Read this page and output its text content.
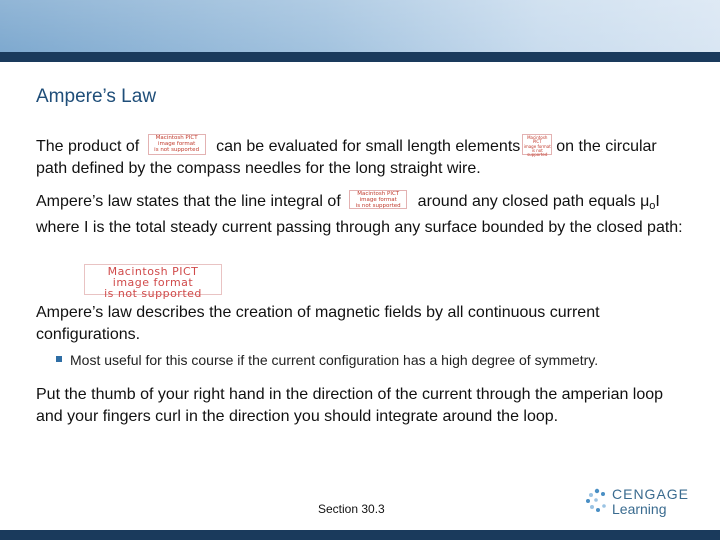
Ampere’s Law
The product of	Macintosh PICT
image format
is not supported can be evaluated for small length elementsMacintosh PICT
image format
is not supported on the circular path defined by the compass needles for the long straight wire.
Ampere’s law states that the line integral of	Macintosh PICT
image format
is not supported around any closed path equals μoI where I is the total steady current passing through any surface bounded by the closed path:
Macintosh PICT
image format
is not supported
Ampere’s law describes the creation of magnetic fields by all continuous current configurations.
Most useful for this course if the current configuration has a high degree of symmetry.
Put the thumb of your right hand in the direction of the current through the amperian loop and your fingers curl in the direction you should integrate around the loop.
Section 30.3
CENGAGE
Learning
